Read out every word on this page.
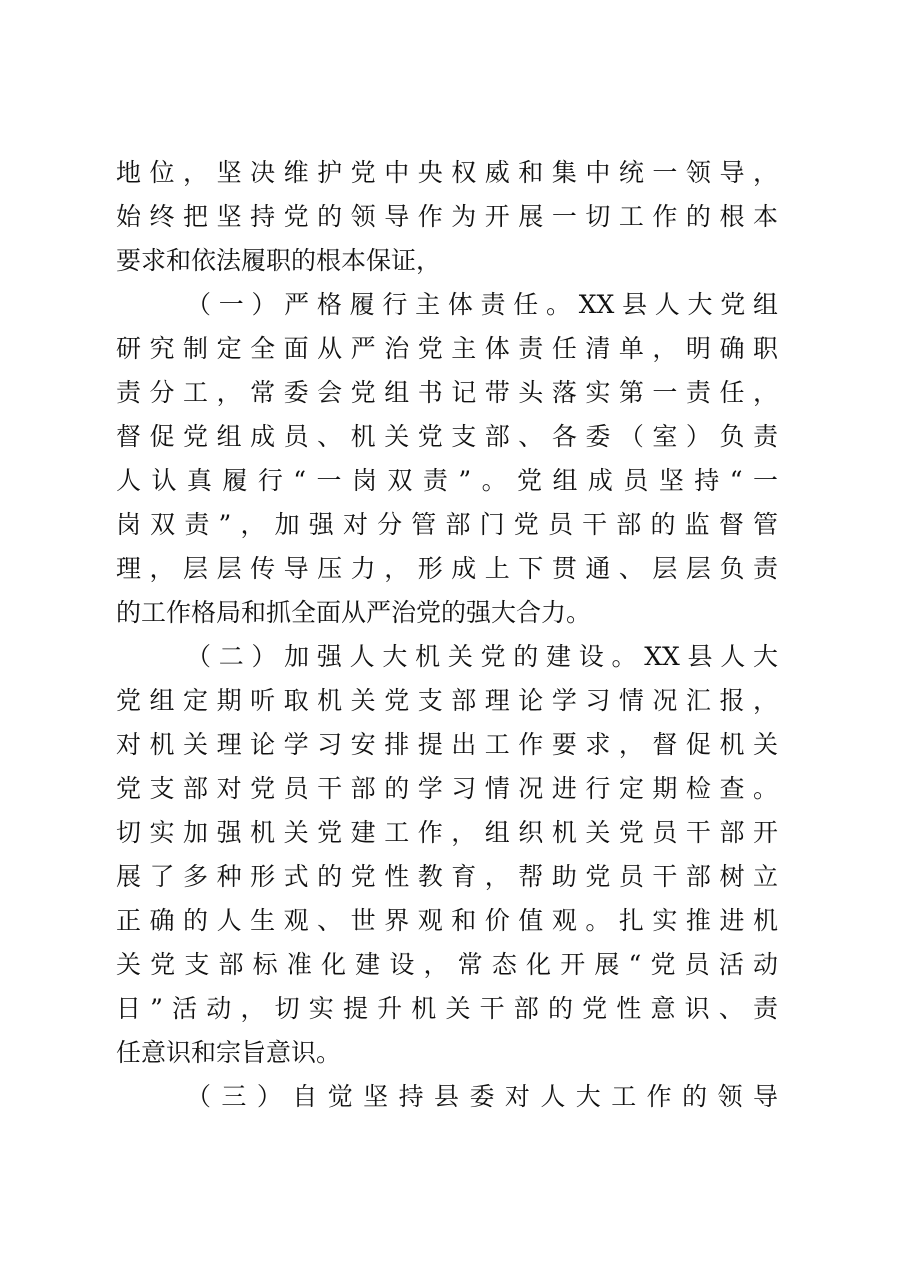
地位，坚决维护党中央权威和集中统一领导，
始终把坚持党的领导作为开展一切工作的根本
要求和依法履职的根本保证，
（一）严格履行主体责任。XX县人大党组
研究制定全面从严治党主体责任清单，明确职
责分工，常委会党组书记带头落实第一责任，
督促党组成员、机关党支部、各委（室）负责
人认真履行“一岗双责”。党组成员坚持“一
岗双责”，加强对分管部门党员干部的监督管
理，层层传导压力，形成上下贯通、层层负责
的工作格局和抓全面从严治党的强大合力。
（二）加强人大机关党的建设。XX县人大
党组定期听取机关党支部理论学习情况汇报，
对机关理论学习安排提出工作要求，督促机关
党支部对党员干部的学习情况进行定期检查。
切实加强机关党建工作，组织机关党员干部开
展了多种形式的党性教育，帮助党员干部树立
正确的人生观、世界观和价值观。扎实推进机
关党支部标准化建设，常态化开展“党员活动
日”活动，切实提升机关干部的党性意识、责
任意识和宗旨意识。
（三）自觉坚持县委对人大工作的领导
